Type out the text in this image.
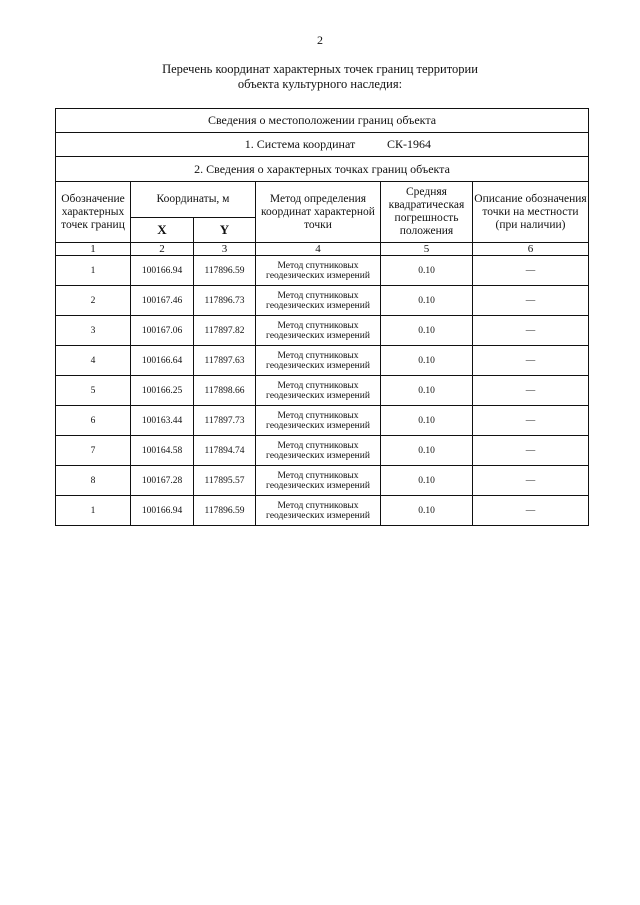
2
Перечень координат характерных точек границ территории
объекта культурного наследия:
Сведения о местоположении границ объекта					
1. Система координат СК-1964					
2. Сведения о характерных точках границ объекта					
Обозначение характерных точек границ	Координаты, м		Метод определения координат характерной точки	Средняя квадратическая погрешность положения	Описание обозначения точки на местности (при наличии)
	X	Y			
1	2	3	4	5	6
1	100166.94	117896.59	Метод спутниковых геодезических измерений	0.10	—
2	100167.46	117896.73	Метод спутниковых геодезических измерений	0.10	—
3	100167.06	117897.82	Метод спутниковых геодезических измерений	0.10	—
4	100166.64	117897.63	Метод спутниковых геодезических измерений	0.10	—
5	100166.25	117898.66	Метод спутниковых геодезических измерений	0.10	—
6	100163.44	117897.73	Метод спутниковых геодезических измерений	0.10	—
7	100164.58	117894.74	Метод спутниковых геодезических измерений	0.10	—
8	100167.28	117895.57	Метод спутниковых геодезических измерений	0.10	—
1	100166.94	117896.59	Метод спутниковых геодезических измерений	0.10	—
